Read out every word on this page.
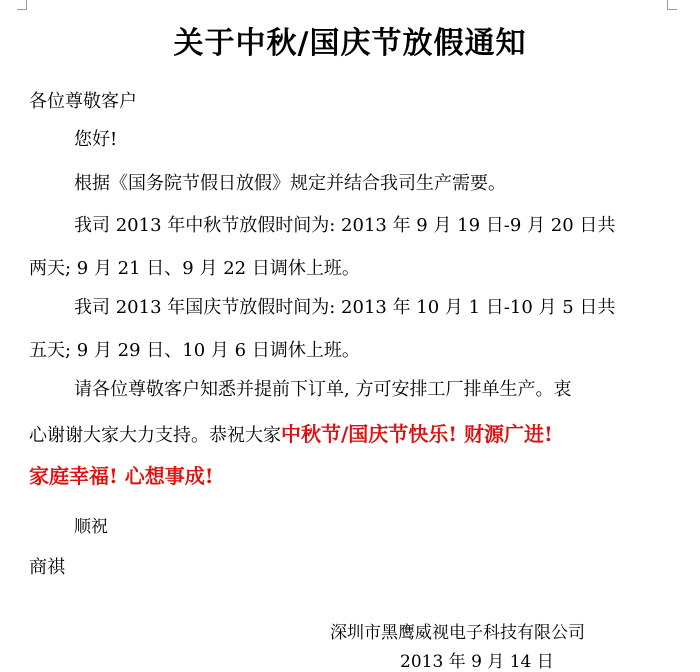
关于中秋/国庆节放假通知
各位尊敬客户
您好!
根据《国务院节假日放假》规定并结合我司生产需要。
我司 2013 年中秋节放假时间为: 2013 年 9 月 19 日-9 月 20 日共
两天; 9 月 21 日、9 月 22 日调休上班。
我司 2013 年国庆节放假时间为: 2013 年 10 月 1 日-10 月 5 日共
五天; 9 月 29 日、10 月 6 日调休上班。
请各位尊敬客户知悉并提前下订单, 方可安排工厂排单生产。衷
心谢谢大家大力支持。恭祝大家中秋节/国庆节快乐! 财源广进!
家庭幸福! 心想事成!
顺祝
商祺
深圳市黑鹰威视电子科技有限公司
2013 年 9 月 14 日
